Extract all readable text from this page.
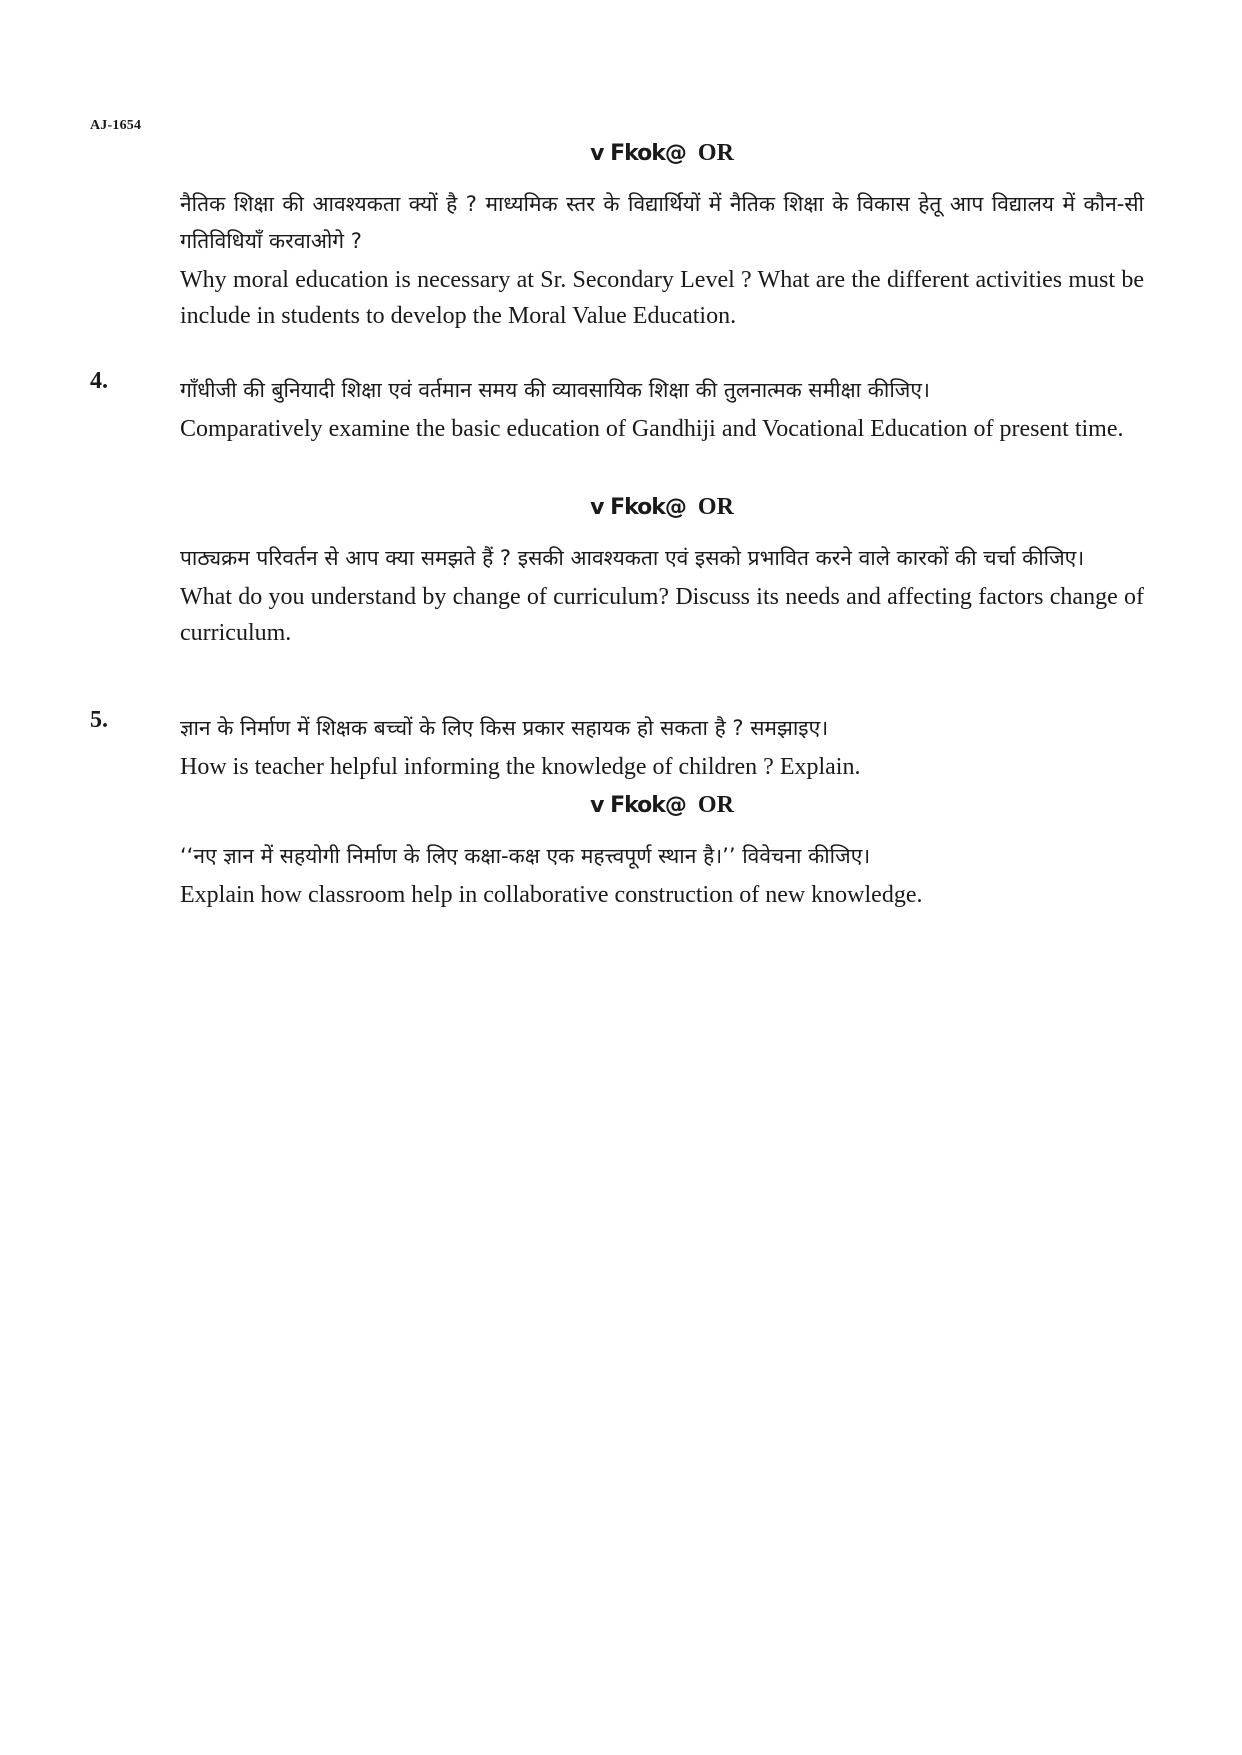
AJ-1654
v Fkok@ OR
नैतिक शिक्षा की आवश्यकता क्यों है ? माध्यमिक स्तर के विद्यार्थियों में नैतिक शिक्षा के विकास हेतू आप विद्यालय में कौन-सी गतिविधियाँ करवाओगे ?
Why moral education is necessary at Sr. Secondary Level ? What are the different activities must be include in students to develop the Moral Value Education.
4.	गाँधीजी की बुनियादी शिक्षा एवं वर्तमान समय की व्यावसायिक शिक्षा की तुलनात्मक समीक्षा कीजिए।
Comparatively examine the basic education of Gandhiji and Vocational Education of present time.
v Fkok@ OR
पाठ्यक्रम परिवर्तन से आप क्या समझते हैं ? इसकी आवश्यकता एवं इसको प्रभावित करने वाले कारकों की चर्चा कीजिए।
What do you understand by change of curriculum? Discuss its needs and affecting factors change of curriculum.
5.	ज्ञान के निर्माण में शिक्षक बच्चों के लिए किस प्रकार सहायक हो सकता है ? समझाइए।
How is teacher helpful informing the knowledge of children ? Explain.
v Fkok@ OR
‘‘नए ज्ञान में सहयोगी निर्माण के लिए कक्षा-कक्ष एक महत्त्वपूर्ण स्थान है।’’ विवेचना कीजिए।
Explain how classroom help in collaborative construction of new knowledge.
